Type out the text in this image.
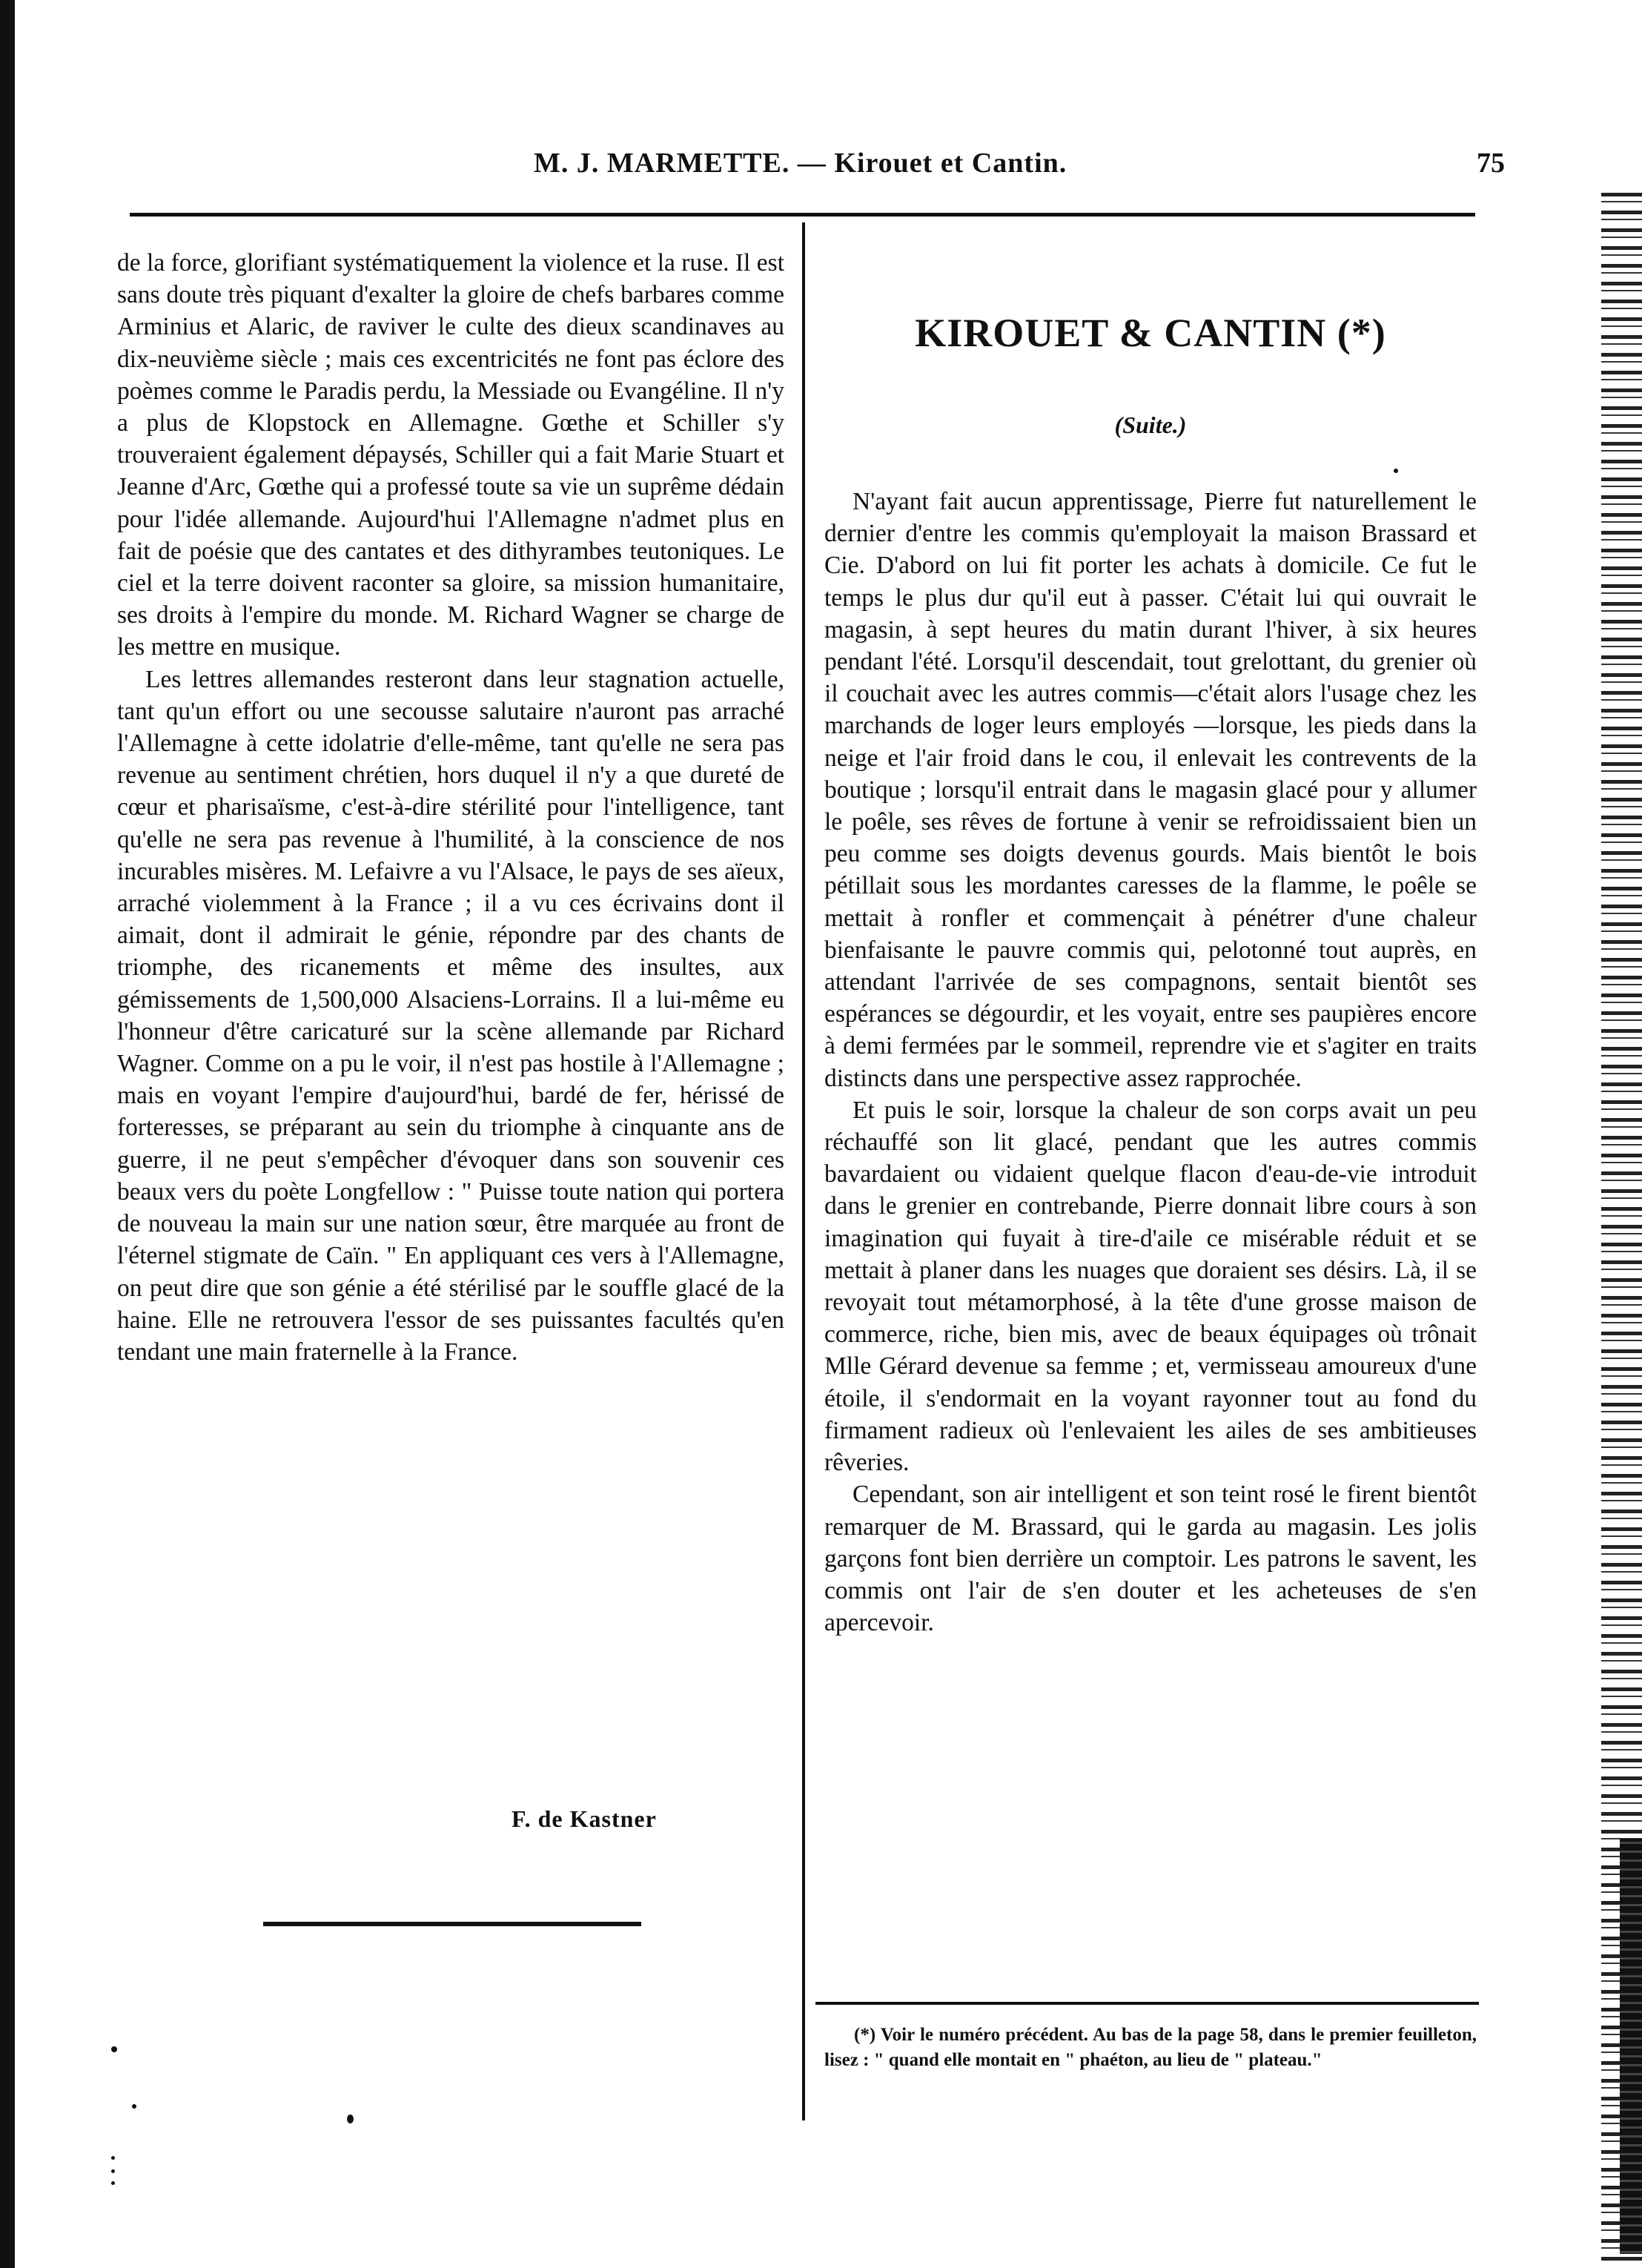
M. J. MARMETTE. — Kirouet et Cantin.	75

de la force, glorifiant systématiquement la violence et la ruse. Il est sans doute très piquant d'exalter la gloire de chefs barbares comme Arminius et Alaric, de raviver le culte des dieux scandinaves au dix-neuvième siècle ; mais ces excentricités ne font pas éclore des poèmes comme le Paradis perdu, la Messiade ou Evangéline. Il n'y a plus de Klopstock en Allemagne. Gœthe et Schiller s'y trouveraient également dépaysés, Schiller qui a fait Marie Stuart et Jeanne d'Arc, Gœthe qui a professé toute sa vie un suprême dédain pour l'idée allemande. Aujourd'hui l'Allemagne n'admet plus en fait de poésie que des cantates et des dithyrambes teutoniques. Le ciel et la terre doivent raconter sa gloire, sa mission humanitaire, ses droits à l'empire du monde. M. Richard Wagner se charge de les mettre en musique.

Les lettres allemandes resteront dans leur stagnation actuelle, tant qu'un effort ou une secousse salutaire n'auront pas arraché l'Allemagne à cette idolatrie d'elle-même, tant qu'elle ne sera pas revenue au sentiment chrétien, hors duquel il n'y a que dureté de cœur et pharisaïsme, c'est-à-dire stérilité pour l'intelligence, tant qu'elle ne sera pas revenue à l'humilité, à la conscience de nos incurables misères. M. Lefaivre a vu l'Alsace, le pays de ses aïeux, arraché violemment à la France ; il a vu ces écrivains dont il aimait, dont il admirait le génie, répondre par des chants de triomphe, des ricanements et même des insultes, aux gémissements de 1,500,000 Alsaciens-Lorrains. Il a lui-même eu l'honneur d'être caricaturé sur la scène allemande par Richard Wagner. Comme on a pu le voir, il n'est pas hostile à l'Allemagne ; mais en voyant l'empire d'aujourd'hui, bardé de fer, hérissé de forteresses, se préparant au sein du triomphe à cinquante ans de guerre, il ne peut s'empêcher d'évoquer dans son souvenir ces beaux vers du poète Longfellow : " Puisse toute nation qui portera de nouveau la main sur une nation sœur, être marquée au front de l'éternel stigmate de Caïn. " En appliquant ces vers à l'Allemagne, on peut dire que son génie a été stérilisé par le souffle glacé de la haine. Elle ne retrouvera l'essor de ses puissantes facultés qu'en tendant une main fraternelle à la France.

F. de Kastner
KIROUET & CANTIN (*)
(Suite.)

N'ayant fait aucun apprentissage, Pierre fut naturellement le dernier d'entre les commis qu'employait la maison Brassard et Cie. D'abord on lui fit porter les achats à domicile. Ce fut le temps le plus dur qu'il eut à passer. C'était lui qui ouvrait le magasin, à sept heures du matin durant l'hiver, à six heures pendant l'été. Lorsqu'il descendait, tout grelottant, du grenier où il couchait avec les autres commis—c'était alors l'usage chez les marchands de loger leurs employés —lorsque, les pieds dans la neige et l'air froid dans le cou, il enlevait les contrevents de la boutique ; lorsqu'il entrait dans le magasin glacé pour y allumer le poêle, ses rêves de fortune à venir se refroidissaient bien un peu comme ses doigts devenus gourds. Mais bientôt le bois pétillait sous les mordantes caresses de la flamme, le poêle se mettait à ronfler et commençait à pénétrer d'une chaleur bienfaisante le pauvre commis qui, pelotonné tout auprès, en attendant l'arrivée de ses compagnons, sentait bientôt ses espérances se dégourdir, et les voyait, entre ses paupières encore à demi fermées par le sommeil, reprendre vie et s'agiter en traits distincts dans une perspective assez rapprochée.

Et puis le soir, lorsque la chaleur de son corps avait un peu réchauffé son lit glacé, pendant que les autres commis bavardaient ou vidaient quelque flacon d'eau-de-vie introduit dans le grenier en contrebande, Pierre donnait libre cours à son imagination qui fuyait à tire-d'aile ce misérable réduit et se mettait à planer dans les nuages que doraient ses désirs. Là, il se revoyait tout métamorphosé, à la tête d'une grosse maison de commerce, riche, bien mis, avec de beaux équipages où trônait Mlle Gérard devenue sa femme ; et, vermisseau amoureux d'une étoile, il s'endormait en la voyant rayonner tout au fond du firmament radieux où l'enlevaient les ailes de ses ambitieuses rêveries.

Cependant, son air intelligent et son teint rosé le firent bientôt remarquer de M. Brassard, qui le garda au magasin. Les jolis garçons font bien derrière un comptoir. Les patrons le savent, les commis ont l'air de s'en douter et les acheteuses de s'en apercevoir.

(*) Voir le numéro précédent. Au bas de la page 58, dans le premier feuilleton, lisez : " quand elle montait en " phaéton, au lieu de " plateau."
